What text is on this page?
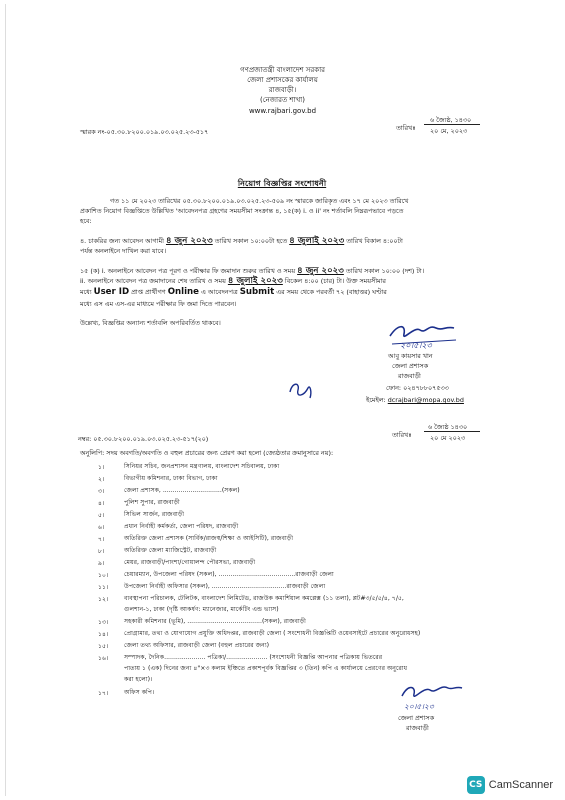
গণপ্রজাতন্ত্রী বাংলাদেশ সরকার
জেলা প্রশাসকের কার্যালয়
রাজবাড়ী।
(নেজারত শাখা)
www.rajbari.gov.bd
৬ জ্যৈষ্ঠ, ১৪৩০
তারিখঃ ২০ মে, ২০২৩
স্মারক নং-০৫.৩০.৮২০০.০১৯.০৩.০২৫.২৩-৫১৭
নিয়োগ বিজ্ঞপ্তির সংশোধনী
গত ১১ মে ২০২৩ তারিখের ০৫.৩০.৮২০০.০১৯.০৩.০২৫.২৩-৫০৯ নং স্মারকে জারিকৃত এবং ১৭ মে ২০২৩ তারিখে
প্রকাশিত নিয়োগ বিজ্ঞপ্তিতে উল্লিখিত 'আবেদনপত্র গ্রহণের সময়সীমা সংক্রান্ত ৪, ১৫(ক) i. ও ii' নং শর্তাবলি নিম্নরূপভাবে পড়তে
হবে:
৪. চাকরির জন্য আবেদন আগামী ৪ জুন ২০২৩ তারিখ সকাল ১০:০০টা হতে ৪ জুলাই ২০২৩ তারিখ বিকাল ৪:০০টা
পর্যন্ত অনলাইনে দাখিল করা যাবে।
১৫ (ক) i. অনলাইনে আবেদন পত্র পূরণ ও পরীক্ষার ফি জমাদান শুরুর তারিখ ও সময় ৪ জুন ২০২৩ তারিখ সকাল ১০:০০ (দশ) টা।
ii. অনলাইনে আবেদন পত্র জমাদানের শেষ তারিখ ও সময় ৪ জুলাই ২০২৩ বিকেল ৪:০০ (চার) টা। উক্ত সময়সীমার
মধ্যে User ID প্রাপ্ত প্রার্থীগণ Online এ আবেদনপত্র Submit এর সময় থেকে পরবর্তী ৭২ (বাহাত্তর) ঘণ্টার
মধ্যে এস এম এস-এর মাধ্যমে পরীক্ষার ফি জমা দিতে পারবেন।
উল্লেখ্য, বিজ্ঞপ্তির অন্যান্য শর্তাবলি অপরিবর্তিত থাকবে।
২০।৫।২৩
আবু কায়সার খান
জেলা প্রশাসক
রাজবাড়ী
ফোন: ০২৪৭৮৮০৭৫৩৩
ইমেইল: dcrajbari@mopa.gov.bd
৬ জ্যৈষ্ঠ ১৪৩০
তারিখঃ	২০ মে ২০২৩
নম্বর: ০৫.৩০.৮২০০.০১৯.০৩.০২৫.২৩-৫১৭(২০)
অনুলিপি: সদয় অবগতি/অবগতি ও বহুল প্রচারের জন্য প্রেরণ করা হলো (জ্যেষ্ঠতার ক্রমানুসারে নয়):
১।	সিনিয়র সচিব, জনপ্রশাসন মন্ত্রণালয়, বাংলাদেশ সচিবালয়, ঢাকা
২।	বিভাগীয় কমিশনার, ঢাকা বিভাগ, ঢাকা
৩।	জেলা প্রশাসক, ..............................(সকল)
৪।	পুলিশ সুপার, রাজবাড়ী
৫।	সিভিল সার্জন, রাজবাড়ী
৬।	প্রধান নির্বাহী কর্মকর্তা, জেলা পরিষদ, রাজবাড়ী
৭।	অতিরিক্ত জেলা প্রশাসক (সার্বিক/রাজস্ব/শিক্ষা ও আইসিটি), রাজবাড়ী
৮।	অতিরিক্ত জেলা ম্যাজিস্ট্রেট, রাজবাড়ী
৯।	মেয়র, রাজবাড়ী/পাংশা/গোয়ালন্দ পৌরসভা, রাজবাড়ী
১০।	চেয়ারম্যান, উপজেলা পরিষদ (সকল), .......................................রাজবাড়ী জেলা
১১।	উপজেলা নির্বাহী অফিসার (সকল), ......................................রাজবাড়ী জেলা
১২।	ব্যবস্থাপনা পরিচালক, টেলিটক, বাংলাদেশ লিমিটেড, রাজউক কমার্শিয়াল কমপ্লেক্স (১১ তলা), প্লট#৩/৫/৫/৪, ৭/৫,
গুলশান-১, ঢাকা (দৃষ্টি আকর্ষণ: ম্যানেজার, মার্কেটিং এন্ড ভ্যাস)
১৩।	সহকারী কমিশনার (ভূমি), ......................................(সকল), রাজবাড়ী
১৪।	প্রোগ্রামার, তথ্য ও যোগাযোগ প্রযুক্তি অধিদপ্তর, রাজবাড়ী জেলা ( সংশোধনী বিজ্ঞপ্তিটি ওয়েবসাইটে প্রচারের অনুরোধসহ)
১৫।	জেলা তথ্য অফিসার, রাজবাড়ী জেলা (বহুল প্রচারের জন্য)
১৬।	সম্পাদক, দৈনিক..................... পত্রিকা/..................... (সংশোধনী বিজ্ঞপ্তি আপনার পত্রিকায় ভিতরের
পাতায় ১ (এক) দিনের জন্য ৪"×৩ কলাম ইঞ্চিতে প্রকাশপূর্বক বিজ্ঞপ্তির ৩ (তিন) কপি এ কার্যালয়ে প্রেরণের অনুরোধ
করা হলো)।
১৭।	অফিস কপি।
২০।৫।২৩
জেলা প্রশাসক
রাজবাড়ী
CS CamScanner
